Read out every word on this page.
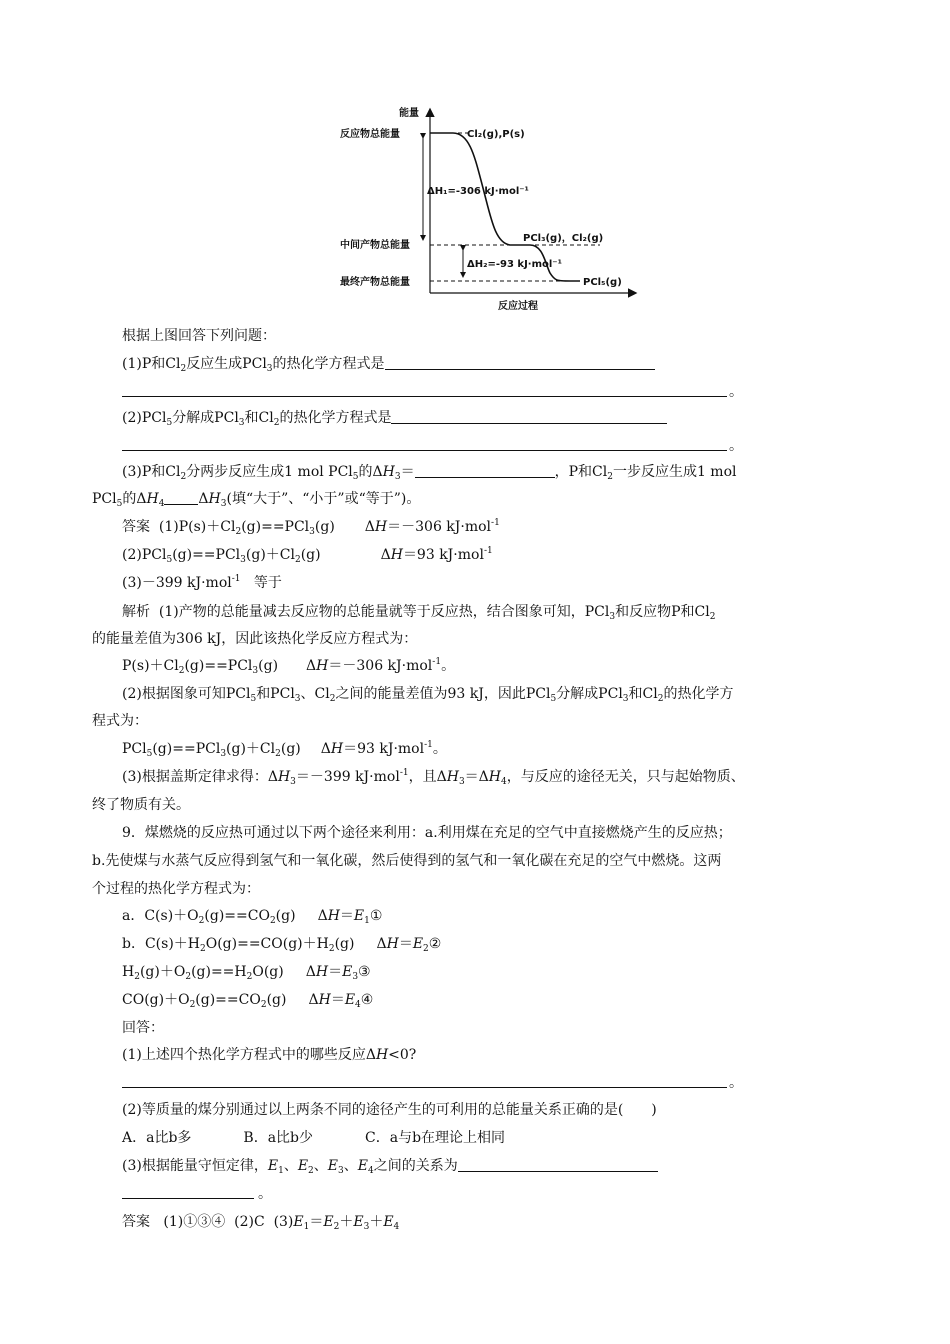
能量
反应过程
反应物总能量
中间产物总能量
最终产物总能量
Cl₂(g),P(s)
PCl₃(g)，Cl₂(g)
PCl₅(g)
ΔH₁=-306 kJ·mol⁻¹
ΔH₂=-93 kJ·mol⁻¹
根据上图回答下列问题：
(1)P和$Cl_2$反应生成PCl$_3$的热化学方程式是
。
(2)PCl$_5$分解成PCl$_3$和$Cl_2$的热化学方程式是
。
(3)P和$Cl_2$分两步反应生成1 mol PCl$_5$的$\Delta H_3=$	，P和$Cl_2$一步反应生成1 mol
PCl$_5$的$\Delta H_4$ $\Delta H_3$(填“大于”、“小于”或“等于”)。
答案 $(1)P(s)+Cl_2(g)==PCl_3(g)$ ΔH＝－306 kJ·mol$^{-1}$
$(2)PCl_5(g)==PCl_3(g)+Cl_2(g)$	ΔH＝93 kJ·mol$^{-1}$
(3)－399 kJ·mol$^{-1}$ 等于
解析 (1)产物的总能量减去反应物的总能量就等于反应热，结合图象可知，PCl$_3$和反应物P和$Cl_2$
的能量差值为306 kJ，因此该热化学反应方程式为：
$P(s)+Cl_2(g)==PCl_3(g)$ ΔH＝－306 kJ·mol$^{-1}$。
(2)根据图象可知PCl$_5$和PCl$_3$、$Cl_2$之间的能量差值为93 kJ，因此PCl$_5$分解成PCl$_3$和$Cl_2$的热化学方
程式为：
$PCl_5(g)==PCl_3(g)+Cl_2(g)$ ΔH＝93 kJ·mol$^{-1}$。
(3)根据盖斯定律求得：$\Delta H_3=-399$ kJ·mol$^{-1}$，且$\Delta H_3=\Delta H_4$，与反应的途径无关，只与起始物质、
终了物质有关。
9．煤燃烧的反应热可通过以下两个途径来利用：a.利用煤在充足的空气中直接燃烧产生的反应热；
b.先使煤与水蒸气反应得到氢气和一氧化碳，然后使得到的氢气和一氧化碳在充足的空气中燃烧。这两
个过程的热化学方程式为：
a．$C(s)+O_2(g)==CO_2(g)$ $\Delta H=E_1①$
b．$C(s)+H_2O(g)==CO(g)+H_2(g)$ $\Delta H=E_2②$
$H_2(g)+O_2(g)==H_2O(g)$ $\Delta H=E_3③$
$CO(g)+O_2(g)==CO_2(g)$ $\Delta H=E_4④$
回答：
(1)上述四个热化学方程式中的哪些反应ΔH<0?
。
(2)等质量的煤分别通过以上两条不同的途径产生的可利用的总能量关系正确的是(　　)
A．a比b多	B．a比b少	C．a与b在理论上相同
(3)根据能量守恒定律，$E_1$、$E_2$、$E_3$、$E_4$之间的关系为
。
答案 (1)①③④ (2)C $(3)E_1=E_2+E_3+E_4$
